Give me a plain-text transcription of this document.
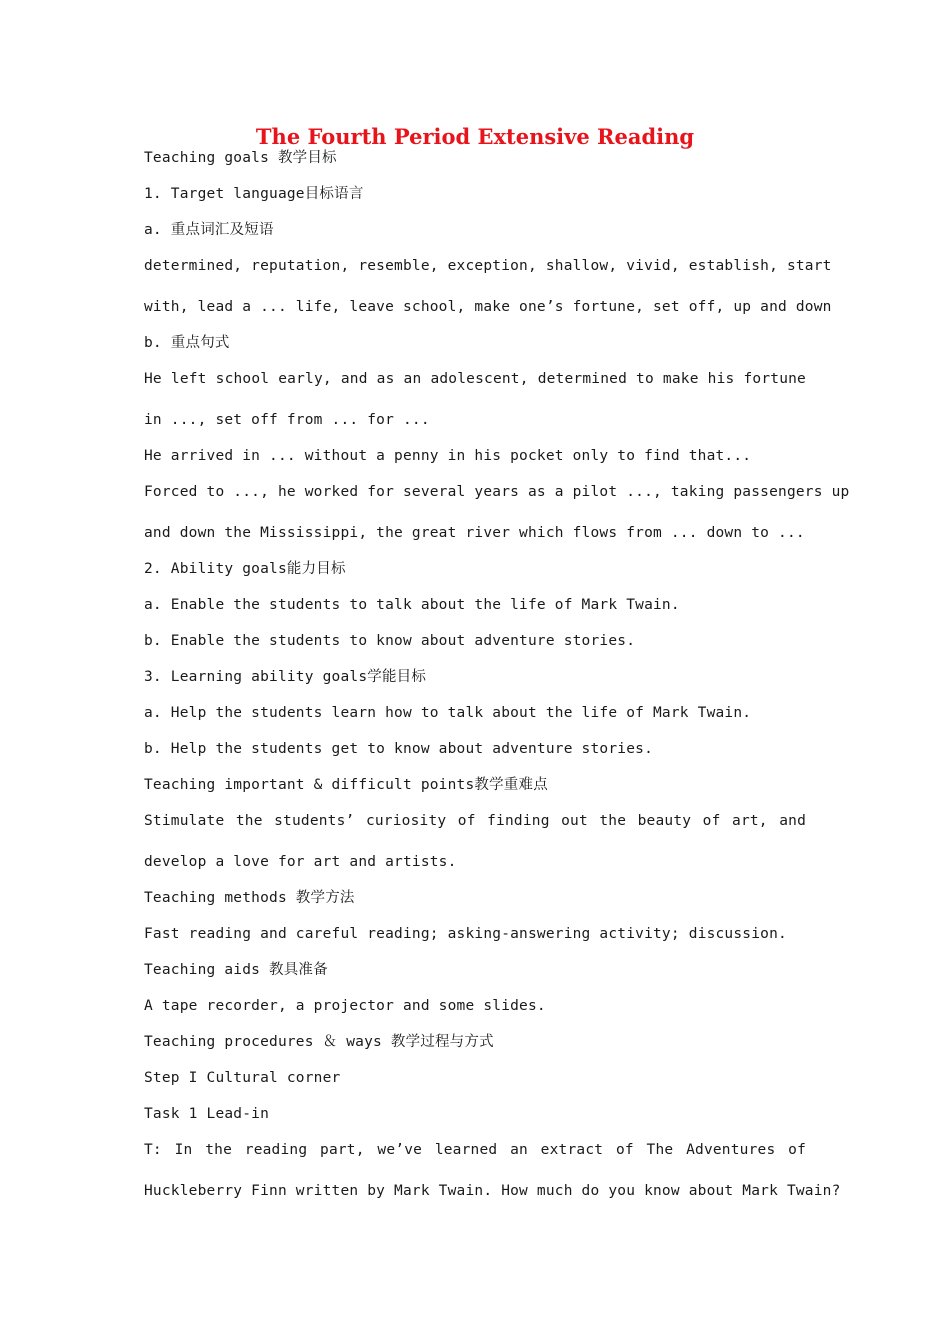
The Fourth Period Extensive Reading
Teaching goals 教学目标
1. Target language目标语言
a. 重点词汇及短语
determined, reputation, resemble, exception, shallow, vivid, establish, start
with, lead a ... life, leave school, make one’s fortune, set off, up and down
b. 重点句式
He left school early, and as an adolescent, determined to make his fortune
in ..., set off from ... for ...
He arrived in ... without a penny in his pocket only to find that...
Forced to ..., he worked for several years as a pilot ..., taking passengers up
and down the Mississippi, the great river which flows from ... down to ...
2. Ability goals能力目标
a. Enable the students to talk about the life of Mark Twain.
b. Enable the students to know about adventure stories.
3. Learning ability goals学能目标
a. Help the students learn how to talk about the life of Mark Twain.
b. Help the students get to know about adventure stories.
Teaching important & difficult points教学重难点
Stimulate the students’ curiosity of finding out the beauty of art, and
develop a love for art and artists.
Teaching methods 教学方法
Fast reading and careful reading; asking-answering activity; discussion.
Teaching aids 教具准备
A tape recorder, a projector and some slides.
Teaching procedures ＆ ways 教学过程与方式
Step I Cultural corner
Task 1 Lead-in
T: In the reading part, we’ve learned an extract of The Adventures of
Huckleberry Finn written by Mark Twain. How much do you know about Mark Twain?
